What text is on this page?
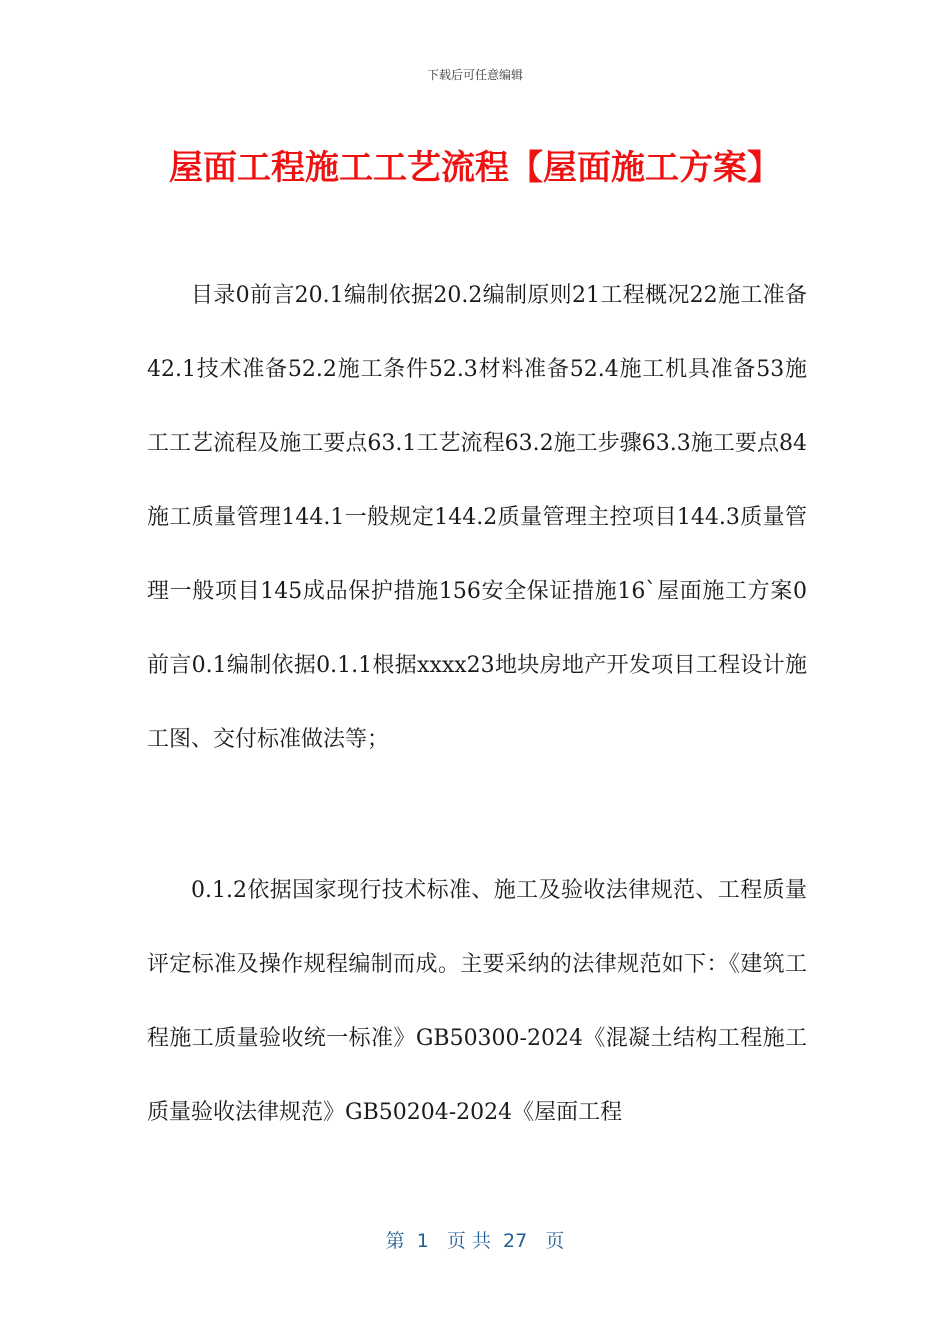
下载后可任意编辑
屋面工程施工工艺流程【屋面施工方案】

目录0前言20.1编制依据20.2编制原则21工程概况22施工准备42.1技术准备52.2施工条件52.3材料准备52.4施工机具准备53施工工艺流程及施工要点63.1工艺流程63.2施工步骤63.3施工要点84施工质量管理144.1一般规定144.2质量管理主控项目144.3质量管理一般项目145成品保护措施156安全保证措施16`屋面施工方案0前言0.1编制依据0.1.1根据xxxx23地块房地产开发项目工程设计施工图、交付标准做法等；

0.1.2依据国家现行技术标准、施工及验收法律规范、工程质量评定标准及操作规程编制而成。主要采纳的法律规范如下：《建筑工程施工质量验收统一标准》GB50300-2024《混凝土结构工程施工质量验收法律规范》GB50204-2024《屋面工程

第  1   页 共  27   页
